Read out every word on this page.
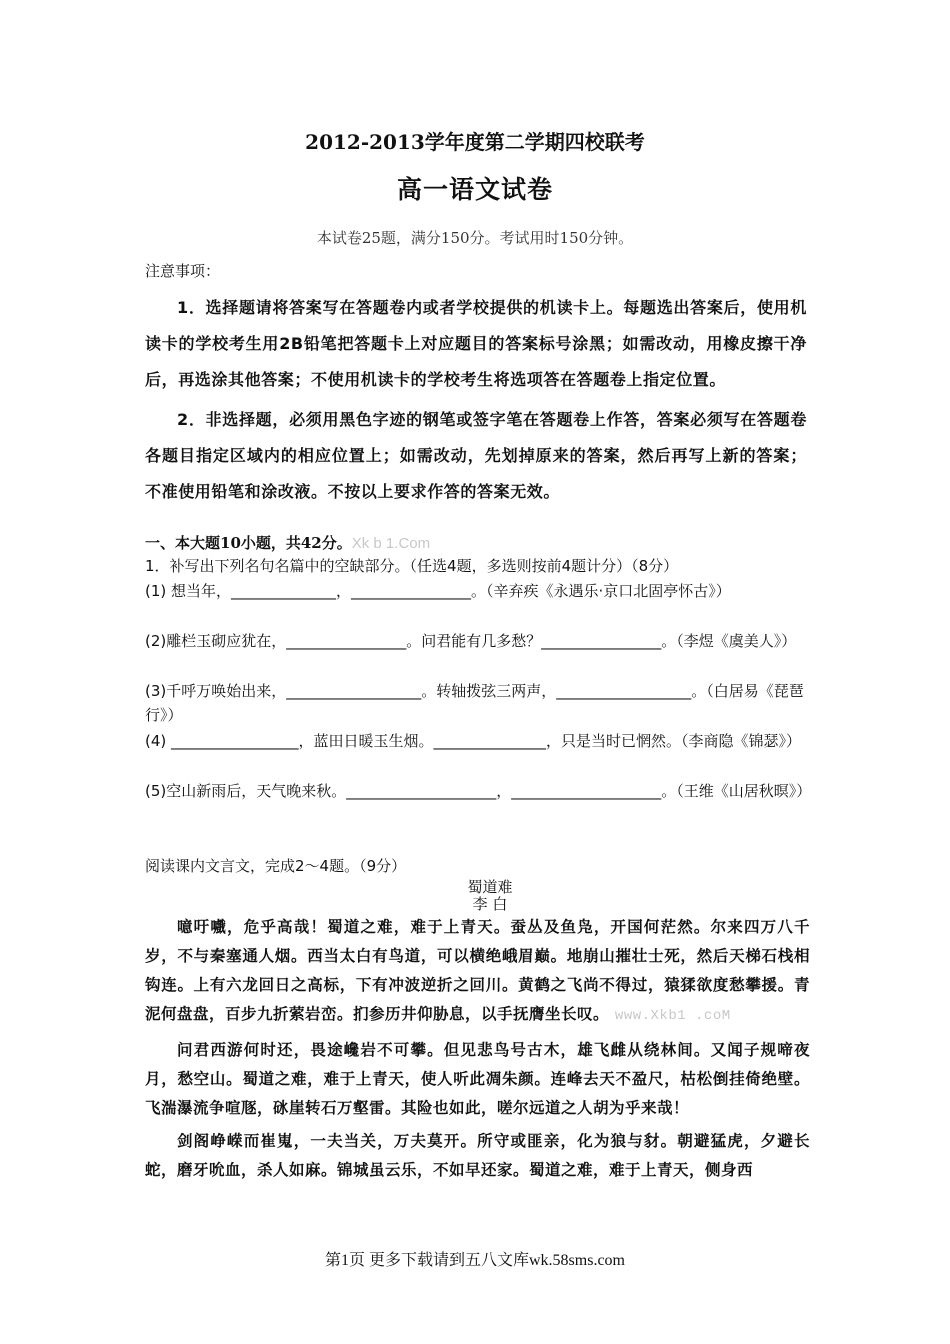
2012-2013学年度第二学期四校联考
高一语文试卷
本试卷25题，满分150分。考试用时150分钟。
注意事项：

1．选择题请将答案写在答题卷内或者学校提供的机读卡上。每题选出答案后，使用机读卡的学校考生用2B铅笔把答题卡上对应题目的答案标号涂黑；如需改动，用橡皮擦干净后，再选涂其他答案；不使用机读卡的学校考生将选项答在答题卷上指定位置。

2．非选择题，必须用黑色字迹的钢笔或签字笔在答题卷上作答，答案必须写在答题卷各题目指定区域内的相应位置上；如需改动，先划掉原来的答案，然后再写上新的答案；不准使用铅笔和涂改液。不按以上要求作答的答案无效。

一、本大题10小题，共42分。Xk b 1.Com
1．补写出下列名句名篇中的空缺部分。（任选4题，多选则按前4题计分）（8分）
(1) 想当年，______________，________________。（辛弃疾《永遇乐·京口北固亭怀古》）
(2)雕栏玉砌应犹在，________________。问君能有几多愁？________________。（李煜《虞美人》）
(3)千呼万唤始出来，__________________。转轴拨弦三两声，__________________。（白居易《琵琶行》）
(4) _________________，蓝田日暖玉生烟。_______________，只是当时已惘然。（李商隐《锦瑟》）
(5)空山新雨后，天气晚来秋。____________________，____________________。（王维《山居秋暝》）
阅读课内文言文，完成2～4题。（9分）
蜀道难
李 白

噫吁嚱，危乎高哉！蜀道之难，难于上青天。蚕丛及鱼凫，开国何茫然。尔来四万八千岁，不与秦塞通人烟。西当太白有鸟道，可以横绝峨眉巅。地崩山摧壮士死，然后天梯石栈相钩连。上有六龙回日之高标，下有冲波逆折之回川。黄鹤之飞尚不得过，猿猱欲度愁攀援。青泥何盘盘，百步九折萦岩峦。扪参历井仰胁息，以手抚膺坐长叹。 www.Xkb1 .coM

问君西游何时还，畏途巉岩不可攀。但见悲鸟号古木，雄飞雌从绕林间。又闻子规啼夜月，愁空山。蜀道之难，难于上青天，使人听此凋朱颜。连峰去天不盈尺，枯松倒挂倚绝壁。飞湍瀑流争喧豗，砯崖转石万壑雷。其险也如此，嗟尔远道之人胡为乎来哉！

剑阁峥嵘而崔嵬，一夫当关，万夫莫开。所守或匪亲，化为狼与豺。朝避猛虎，夕避长蛇，磨牙吮血，杀人如麻。锦城虽云乐，不如早还家。蜀道之难，难于上青天，侧身西

第1页 更多下载请到五八文库wk.58sms.com
